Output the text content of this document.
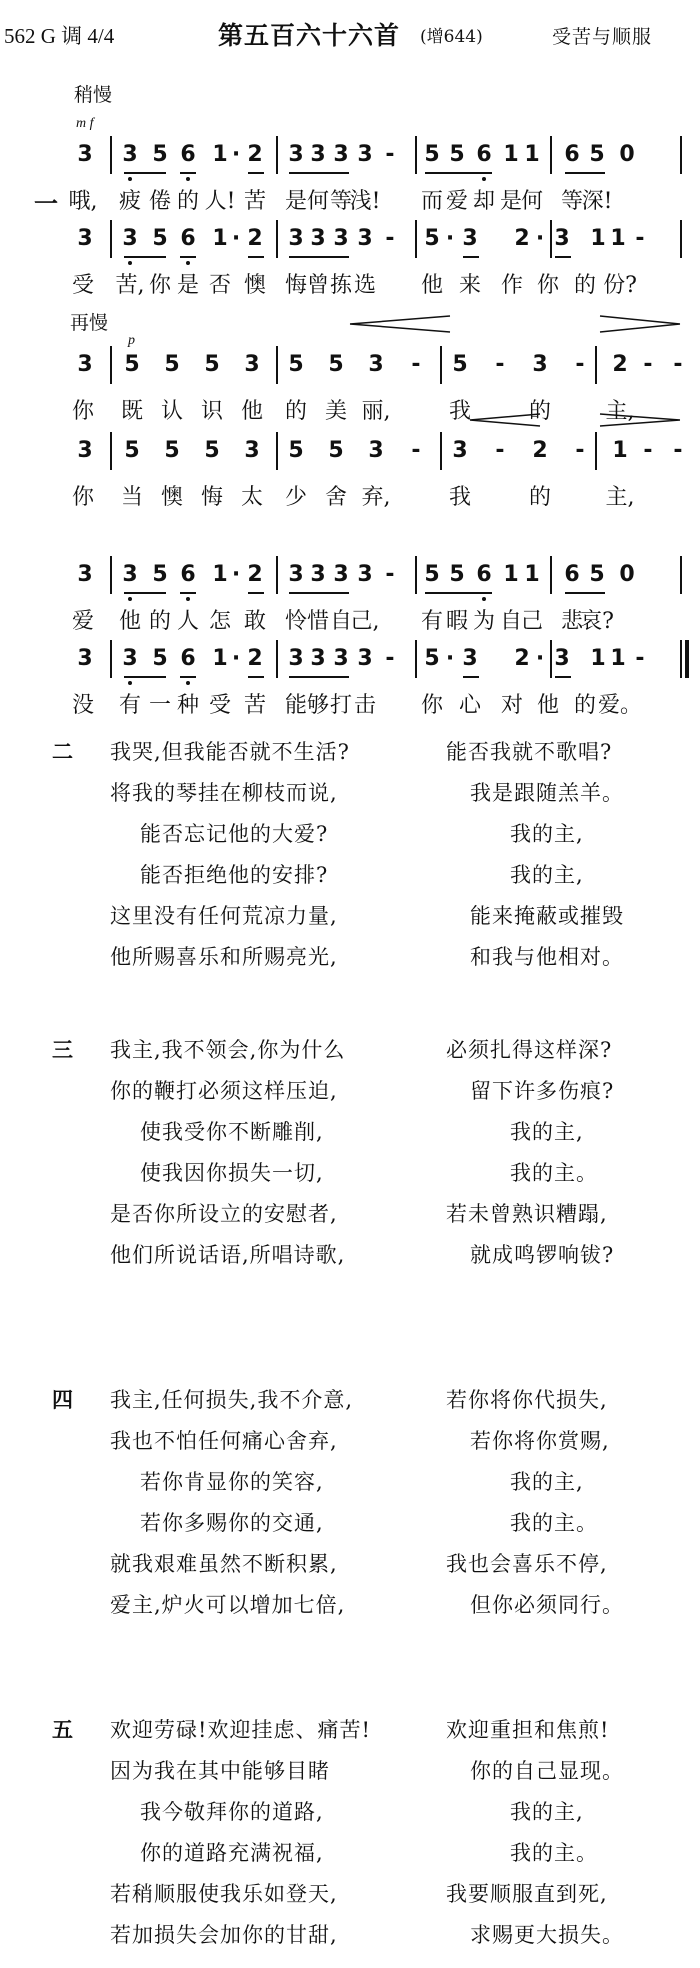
562 G 调 4/4	第五百六十六首 (增644)	受苦与顺服
稍慢
m f
再慢
p
一
3 3 5 6 1 · 2 3 3 3 3 - 5 5 6 1 1 6 5 0
哦, 疲 倦 的 人! 苦 是 何 等
浅! 而 爱 却 是
何 等
深!
3 3 5 6 1 · 2 3 3 3 3 - 5 · 3 2 · 3 1 1 -
受 苦, 你 是 否 懊 悔 曾 拣 选 他 来 作 你 的 份?
3 5 5 5 3 5 5 3 - 5 - 3 - 2 - -
你 既 认 识 他 的 美 丽,	我	的 主,
3 5 5 5 3 5 5 3 - 3 - 2 - 1 - -
你 当 懊 悔 太 少 舍 弃,	我	的 主,
3 3 5 6 1 · 2 3 3 3 3 - 5 5 6 1 1 6 5 0
爱 他 的 人 怎 敢 怜 惜 自
己, 有 暇 为 自
己 悲
哀?
3 3 5 6 1 · 2 3 3 3 3 - 5 · 3 2 · 3 1 1 -
没 有 一 种 受 苦 能 够 打 击 你 心 对 他 的 爱。
二 我哭,但我能否就不生活?	能否我就不歌唱?
将我的琴挂在柳枝而说,	我是跟随羔羊。
能否忘记他的大爱?	我的主,
能否拒绝他的安排?	我的主,
这里没有任何荒凉力量,	能来掩蔽或摧毁
他所赐喜乐和所赐亮光,	和我与他相对。
三 我主,我不领会,你为什么	必须扎得这样深?
你的鞭打必须这样压迫,	留下许多伤痕?
使我受你不断雕削,	我的主,
使我因你损失一切,	我的主。
是否你所设立的安慰者,	若未曾熟识糟蹋,
他们所说话语,所唱诗歌,	就成鸣锣响钹?
四 我主,任何损失,我不介意,	若你将你代损失,
我也不怕任何痛心舍弃,	若你将你赏赐,
若你肯显你的笑容,	我的主,
若你多赐你的交通,	我的主。
就我艰难虽然不断积累,	我也会喜乐不停,
爱主,炉火可以增加七倍,	但你必须同行。
五 欢迎劳碌!欢迎挂虑、痛苦!	欢迎重担和焦煎!
因为我在其中能够目睹	你的自己显现。
我今敬拜你的道路,	我的主,
你的道路充满祝福,	我的主。
若稍顺服使我乐如登天,	我要顺服直到死,
若加损失会加你的甘甜,	求赐更大损失。
